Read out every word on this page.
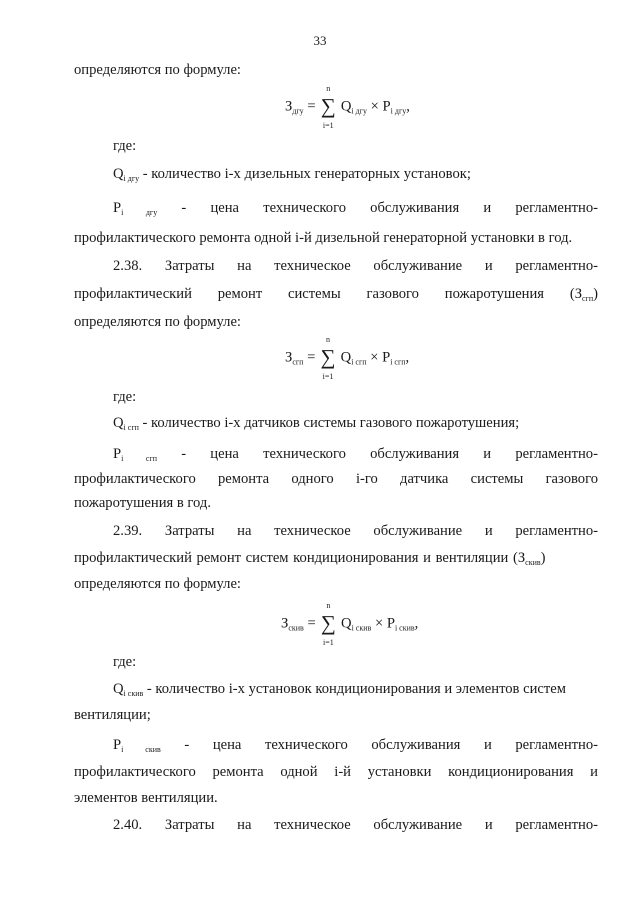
33
определяются по формуле:
$З_{дгу}$ =
n
∑
i=1
$Q_{i дгу} \times P_{i дгу}$,
где:
$Q_{i дгу}$ - количество i-х дизельных генераторных установок;
$P_{i дгу}$ - цена технического обслуживания и регламентно-
профилактического ремонта одной i-й дизельной генераторной установки в год.
2.38. Затраты на техническое обслуживание и регламентно-
профилактический ремонт системы газового пожаротушения $(З_{сгп})$
определяются по формуле:
$З_{сгп}$ =
n
∑
i=1
$Q_{i сгп} \times P_{i сгп}$,
где:
$Q_{i сгп}$ - количество i-х датчиков системы газового пожаротушения;
$P_{i сгп}$ - цена технического обслуживания и регламентно-
профилактического ремонта одного i-го датчика системы газового
пожаротушения в год.
2.39. Затраты на техническое обслуживание и регламентно-
профилактический ремонт систем кондиционирования и вентиляции $(З_{скив})$
определяются по формуле:
$З_{скив}$ =
n
∑
i=1
$Q_{i скив} \times P_{i скив}$,
где:
$Q_{i скив}$ - количество i-х установок кондиционирования и элементов систем
вентиляции;
$P_{i скив}$ - цена технического обслуживания и регламентно-
профилактического ремонта одной i-й установки кондиционирования и
элементов вентиляции.
2.40. Затраты на техническое обслуживание и регламентно-
